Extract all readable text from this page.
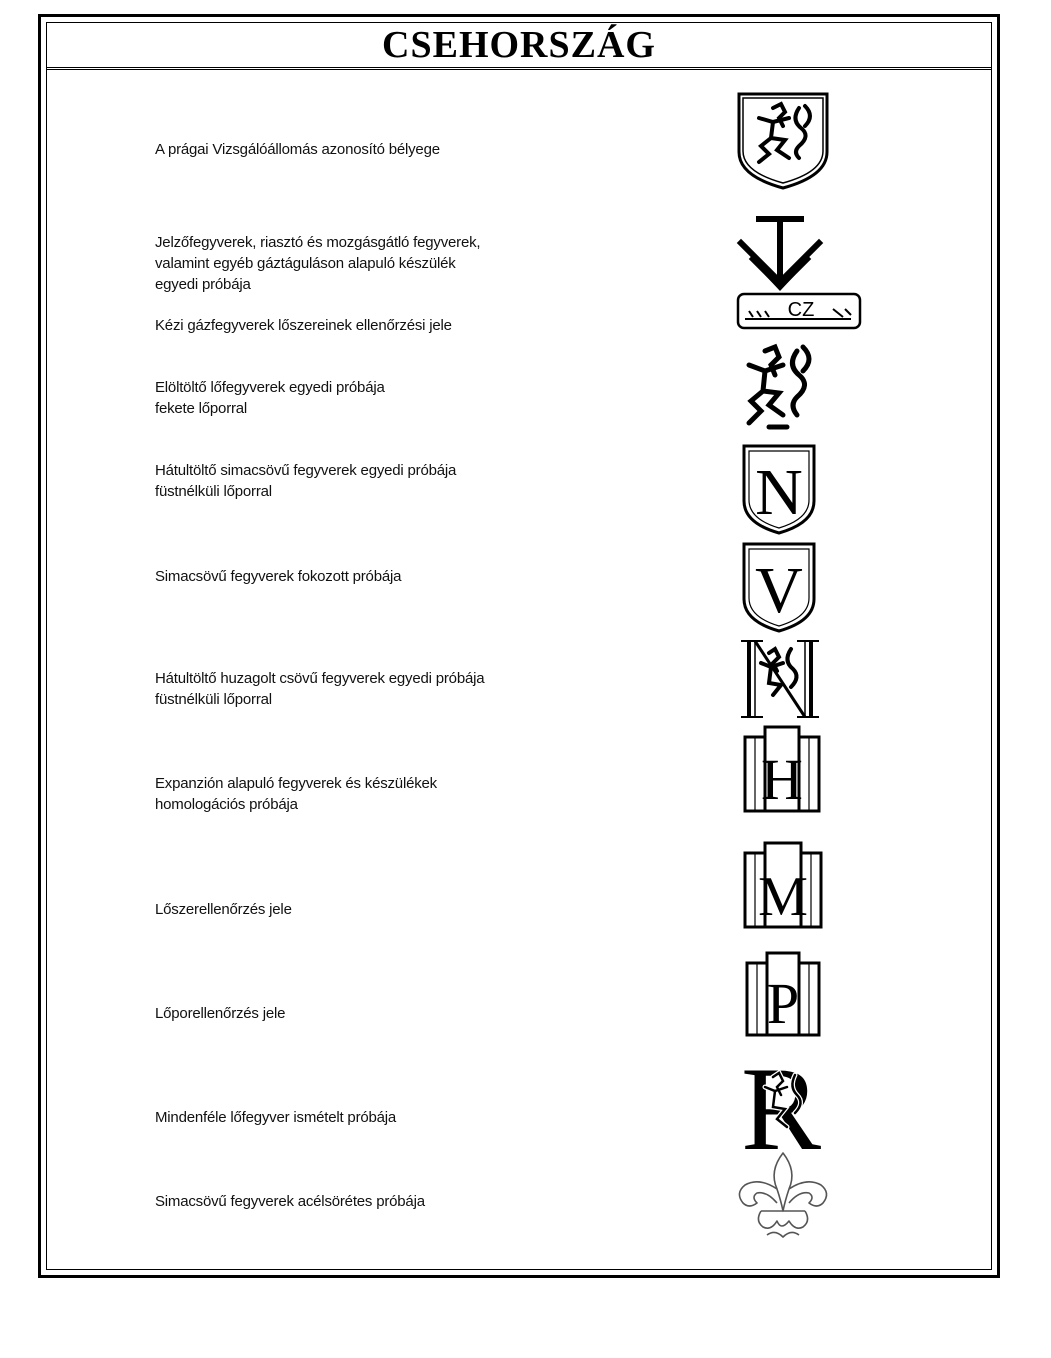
CSEHORSZÁG
A prágai Vizsgálóállomás azonosító bélyege
Jelzőfegyverek, riasztó és mozgásgátló fegyverek,
valamint egyéb gáztáguláson alapuló készülék
egyedi próbája
Kézi gázfegyverek lőszereinek ellenőrzési jele
CZ
Elöltöltő lőfegyverek egyedi próbája
fekete lőporral
Hátultöltő simacsövű fegyverek egyedi próbája
füstnélküli lőporral	N
Simacsövű fegyverek fokozott próbája	V
Hátultöltő huzagolt csövű fegyverek egyedi próbája
füstnélküli lőporral
Expanzión alapuló fegyverek és készülékek
homologációs próbája	H
Lőszerellenőrzés jele	M
Lőporellenőrzés jele	P
Mindenféle lőfegyver ismételt próbája	R
Simacsövű fegyverek acélsörétes próbája
